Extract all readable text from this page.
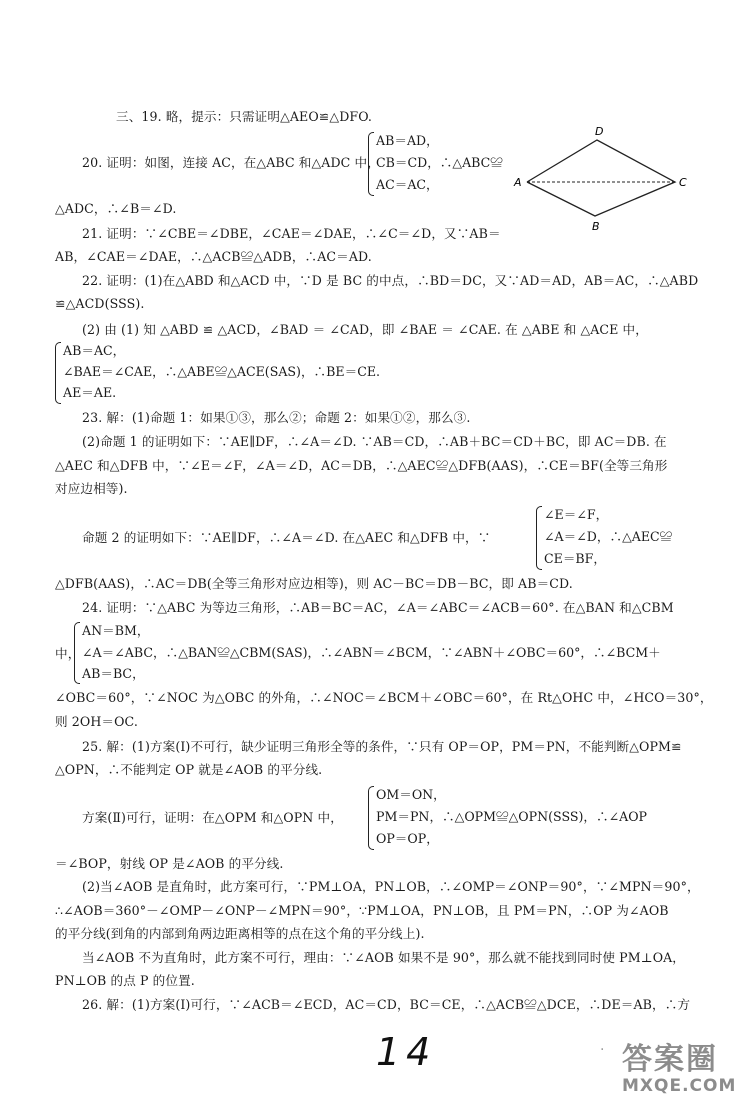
三、19. 略，提示：只需证明△AEO≌△DFO.
20. 证明：如图，连接 AC，在△ABC 和△ADC 中，
AB＝AD，
CB＝CD，∴△ABC≌
AC＝AC，
D
A	C
B
△ADC，∴∠B＝∠D.
21. 证明：∵∠CBE＝∠DBE，∠CAE＝∠DAE，∴∠C＝∠D，又∵AB＝
AB，∠CAE＝∠DAE，∴△ACB≌△ADB，∴AC＝AD.
22. 证明：(1)在△ABD 和△ACD 中，∵D 是 BC 的中点，∴BD＝DC，又∵AD＝AD，AB＝AC，∴△ABD
≌△ACD(SSS).
(2) 由 (1) 知 △ABD ≌ △ACD，∠BAD ＝ ∠CAD，即 ∠BAE ＝ ∠CAE. 在 △ABE 和 △ACE 中，
AB＝AC，
∠BAE＝∠CAE，∴△ABE≌△ACE(SAS)，∴BE＝CE.
AE＝AE.
23. 解：(1)命题 1：如果①③，那么②；命题 2：如果①②，那么③.
(2)命题 1 的证明如下：∵AE∥DF，∴∠A＝∠D. ∵AB＝CD，∴AB＋BC＝CD＋BC，即 AC＝DB. 在
△AEC 和△DFB 中，∵∠E＝∠F，∠A＝∠D，AC＝DB，∴△AEC≌△DFB(AAS)，∴CE＝BF(全等三角形
对应边相等).
命题 2 的证明如下：∵AE∥DF，∴∠A＝∠D. 在△AEC 和△DFB 中，∵
∠E＝∠F，
∠A＝∠D，∴△AEC≌
CE＝BF，
△DFB(AAS)，∴AC＝DB(全等三角形对应边相等)，则 AC－BC＝DB－BC，即 AB＝CD.
24. 证明：∵△ABC 为等边三角形，∴AB＝BC＝AC，∠A＝∠ABC＝∠ACB＝60°. 在△BAN 和△CBM
中，
AN＝BM，
∠A＝∠ABC，∴△BAN≌△CBM(SAS)，∴∠ABN＝∠BCM，∵∠ABN＋∠OBC＝60°，∴∠BCM＋
AB＝BC，
∠OBC＝60°，∵∠NOC 为△OBC 的外角，∴∠NOC＝∠BCM＋∠OBC＝60°，在 Rt△OHC 中，∠HCO＝30°，
则 2OH＝OC.
25. 解：(1)方案(Ⅰ)不可行，缺少证明三角形全等的条件，∵只有 OP＝OP，PM＝PN，不能判断△OPM≌
△OPN，∴不能判定 OP 就是∠AOB 的平分线.
方案(Ⅱ)可行，证明：在△OPM 和△OPN 中，
OM＝ON，
PM＝PN，∴△OPM≌△OPN(SSS)，∴∠AOP
OP＝OP，
＝∠BOP，射线 OP 是∠AOB 的平分线.
(2)当∠AOB 是直角时，此方案可行，∵PM⊥OA，PN⊥OB，∴∠OMP＝∠ONP＝90°，∵∠MPN＝90°，
∴∠AOB＝360°－∠OMP－∠ONP－∠MPN＝90°，∵PM⊥OA，PN⊥OB，且 PM＝PN，∴OP 为∠AOB
的平分线(到角的内部到角两边距离相等的点在这个角的平分线上).
当∠AOB 不为直角时，此方案不可行，理由：∵∠AOB 如果不是 90°，那么就不能找到同时使 PM⊥OA，
PN⊥OB 的点 P 的位置.
26. 解：(1)方案(Ⅰ)可行，∵∠ACB＝∠ECD，AC＝CD，BC＝CE，∴△ACB≌△DCE，∴DE＝AB，∴方
14	· 答案圈
MXQE.COM
